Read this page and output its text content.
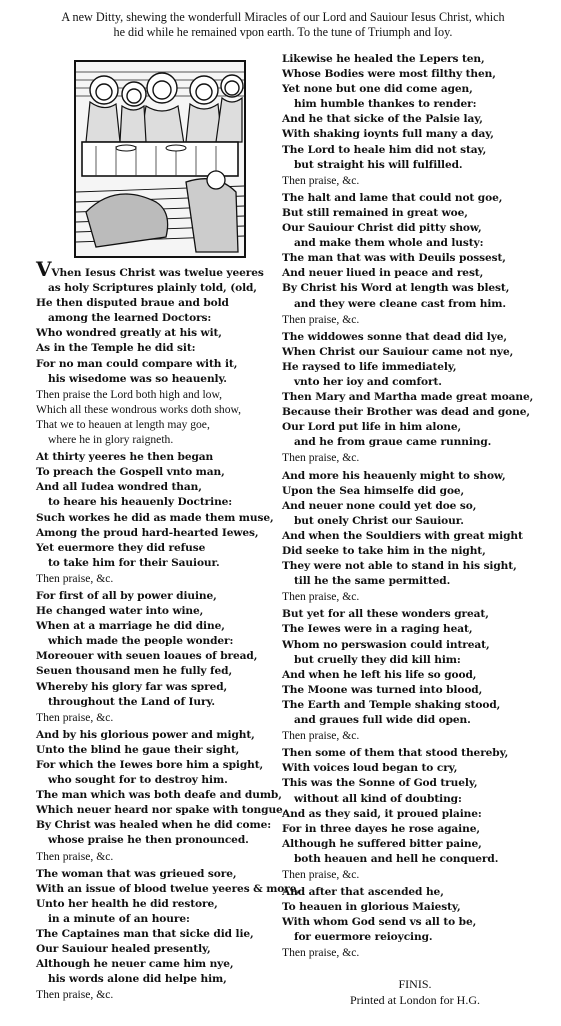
A new Ditty, shewing the wonderfull Miracles of our Lord and Sauiour Iesus Christ, which
he did while he remained vpon earth. To the tune of Triumph and Ioy.
VVhen Iesus Christ was twelue yeeres
as holy Scriptures plainly told, (old,
He then disputed braue and bold
among the learned Doctors:
Who wondred greatly at his wit,
As in the Temple he did sit:
For no man could compare with it,
his wisedome was so heauenly.
Then praise the Lord both high and low,
Which all these wondrous works doth show,
That we to heauen at length may goe,
where he in glory raigneth.
At thirty yeeres he then began
To preach the Gospell vnto man,
And all Iudea wondred than,
to heare his heauenly Doctrine:
Such workes he did as made them muse,
Among the proud hard-hearted Iewes,
Yet euermore they did refuse
to take him for their Sauiour.
Then praise, &c.
For first of all by power diuine,
He changed water into wine,
When at a marriage he did dine,
which made the people wonder:
Moreouer with seuen loaues of bread,
Seuen thousand men he fully fed,
Whereby his glory far was spred,
throughout the Land of Iury.
Then praise, &c.
And by his glorious power and might,
Unto the blind he gaue their sight,
For which the Iewes bore him a spight,
who sought for to destroy him.
The man which was both deafe and dumb,
Which neuer heard nor spake with tongue,
By Christ was healed when he did come:
whose praise he then pronounced.
Then praise, &c.
The woman that was grieued sore,
With an issue of blood twelue yeeres & more,
Unto her health he did restore,
in a minute of an houre:
The Captaines man that sicke did lie,
Our Sauiour healed presently,
Although he neuer came him nye,
his words alone did helpe him,
Then praise, &c.
Likewise he healed the Lepers ten,
Whose Bodies were most filthy then,
Yet none but one did come agen,
him humble thankes to render:
And he that sicke of the Palsie lay,
With shaking ioynts full many a day,
The Lord to heale him did not stay,
but straight his will fulfilled.
Then praise, &c.
The halt and lame that could not goe,
But still remained in great woe,
Our Sauiour Christ did pitty show,
and make them whole and lusty:
The man that was with Deuils possest,
And neuer liued in peace and rest,
By Christ his Word at length was blest,
and they were cleane cast from him.
Then praise, &c.
The widdowes sonne that dead did lye,
When Christ our Sauiour came not nye,
He raysed to life immediately,
vnto her ioy and comfort.
Then Mary and Martha made great moane,
Because their Brother was dead and gone,
Our Lord put life in him alone,
and he from graue came running.
Then praise, &c.
And more his heauenly might to show,
Upon the Sea himselfe did goe,
And neuer none could yet doe so,
but onely Christ our Sauiour.
And when the Souldiers with great might
Did seeke to take him in the night,
They were not able to stand in his sight,
till he the same permitted.
Then praise, &c.
But yet for all these wonders great,
The Iewes were in a raging heat,
Whom no perswasion could intreat,
but cruelly they did kill him:
And when he left his life so good,
The Moone was turned into blood,
The Earth and Temple shaking stood,
and graues full wide did open.
Then praise, &c.
Then some of them that stood thereby,
With voices loud began to cry,
This was the Sonne of God truely,
without all kind of doubting:
And as they said, it proued plaine:
For in three dayes he rose againe,
Although he suffered bitter paine,
both heauen and hell he conquerd.
Then praise, &c.
And after that ascended he,
To heauen in glorious Maiesty,
With whom God send vs all to be,
for euermore reioycing.
Then praise, &c.
FINIS.
Printed at London for H.G.
